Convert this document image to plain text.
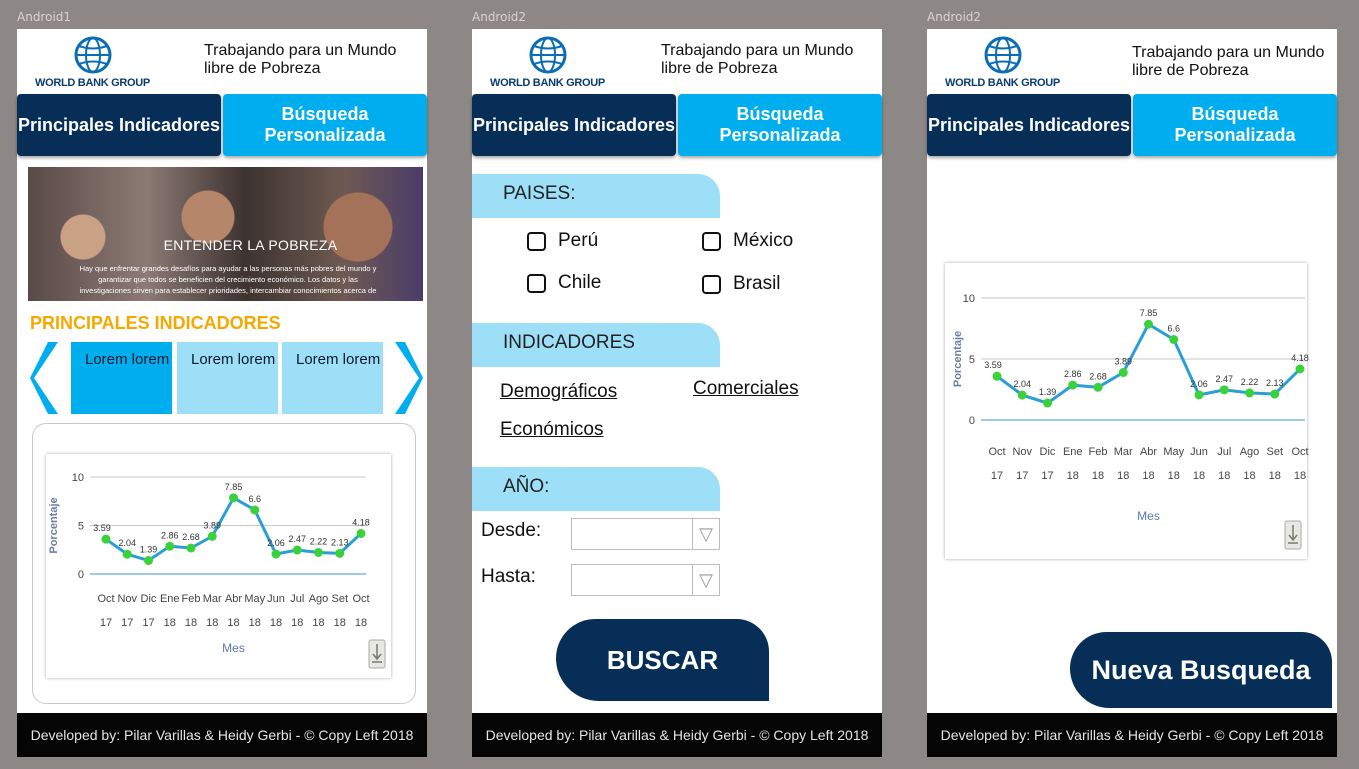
Android1
WORLD BANK GROUP
Trabajando para un Mundo libre de Pobreza
Principales Indicadores
Búsqueda Personalizada
ENTENDER LA POBREZA
Hay que enfrentar grandes desafíos para ayudar a las personas más pobres del mundo y garantizar que todos se beneficien del crecimiento económico. Los datos y las investigaciones sirven para establecer prioridades, intercambiar conocimientos acerca de
PRINCIPALES INDICADORES
Lorem lorem	Lorem lorem	Lorem lorem
0
5
10
Porcentaje	3.59
Oct
17
2.04
Nov
17
1.39
Dic
17
2.86
Ene
18
2.68
Feb
18
3.89
Mar
18
7.85
Abr
18
6.6
May
18
2.06
Jun
18
2.47
Jul
18
2.22
Ago
18
2.13
Set
18
4.18
Oct
18
Mes
Developed by: Pilar Varillas & Heidy Gerbi - © Copy Left 2018
Android2
WORLD BANK GROUP
Trabajando para un Mundo libre de Pobreza
Principales Indicadores
Búsqueda Personalizada
PAISES:
Perú	México
Chile	Brasil
INDICADORES
Demográficos	Comerciales
Económicos
AÑO:
Desde:	▽
Hasta:	▽
BUSCAR
Developed by: Pilar Varillas & Heidy Gerbi - © Copy Left 2018
Android2
WORLD BANK GROUP
Trabajando para un Mundo libre de Pobreza
Principales Indicadores
Búsqueda Personalizada
0
5
10
Porcentaje 3.59
Oct
17
2.04
Nov
17
1.39
Dic
17
2.86
Ene
18
2.68
Feb
18
3.89
Mar
18
7.85
Abr
18
6.6
May
18
2.06
Jun
18
2.47
Jul
18
2.22
Ago
18
2.13
Set
18
4.18
Oct
18
Mes
Nueva Busqueda
Developed by: Pilar Varillas & Heidy Gerbi - © Copy Left 2018
